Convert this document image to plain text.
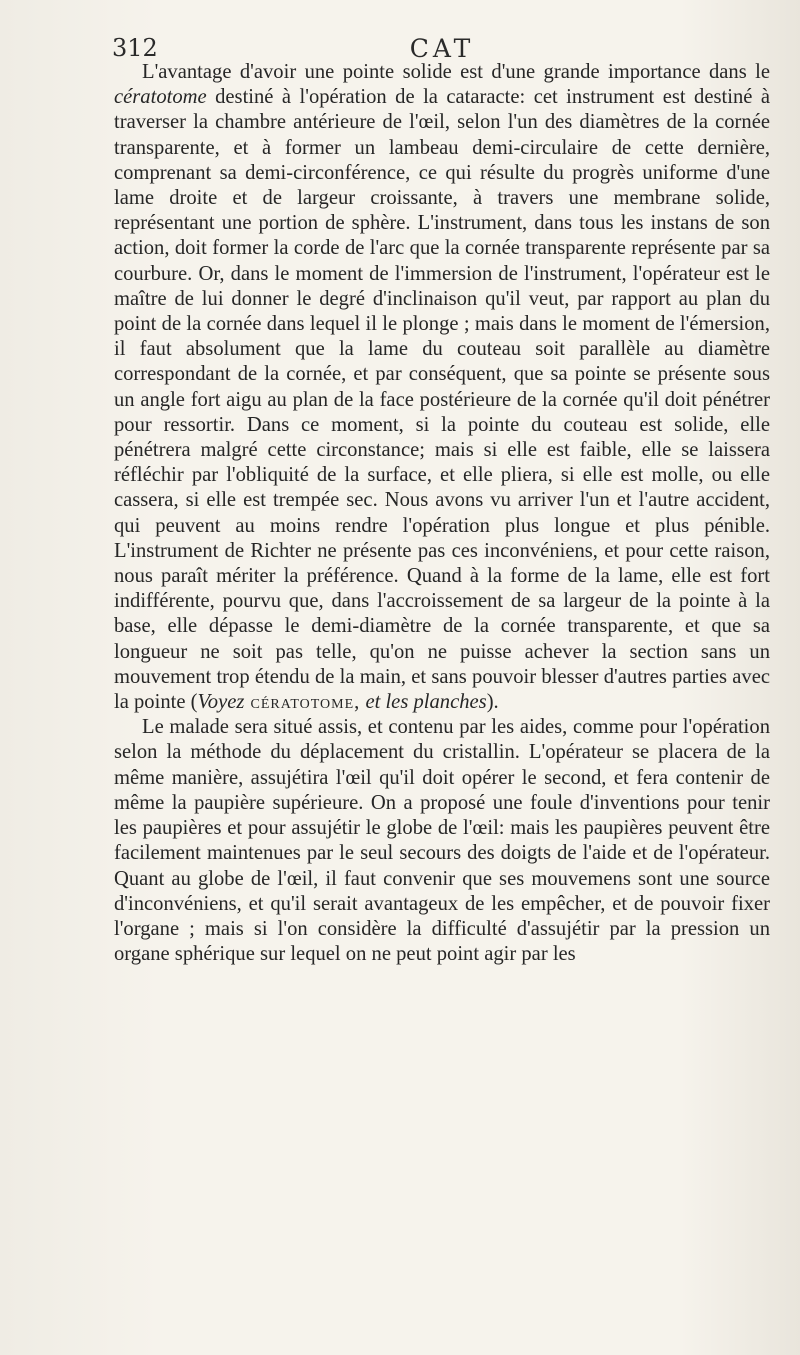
312	CAT

L'avantage d'avoir une pointe solide est d'une grande importance dans le cératotome destiné à l'opération de la cataracte: cet instrument est destiné à traverser la chambre antérieure de l'œil, selon l'un des diamètres de la cornée transparente, et à former un lambeau demi-circulaire de cette dernière, comprenant sa demi-circonférence, ce qui résulte du progrès uniforme d'une lame droite et de largeur croissante, à travers une membrane solide, représentant une portion de sphère. L'instrument, dans tous les instans de son action, doit former la corde de l'arc que la cornée transparente représente par sa courbure. Or, dans le moment de l'immersion de l'instrument, l'opérateur est le maître de lui donner le degré d'inclinaison qu'il veut, par rapport au plan du point de la cornée dans lequel il le plonge ; mais dans le moment de l'émersion, il faut absolument que la lame du couteau soit parallèle au diamètre correspondant de la cornée, et par conséquent, que sa pointe se présente sous un angle fort aigu au plan de la face postérieure de la cornée qu'il doit pénétrer pour ressortir. Dans ce moment, si la pointe du couteau est solide, elle pénétrera malgré cette circonstance; mais si elle est faible, elle se laissera réfléchir par l'obliquité de la surface, et elle pliera, si elle est molle, ou elle cassera, si elle est trempée sec. Nous avons vu arriver l'un et l'autre accident, qui peuvent au moins rendre l'opération plus longue et plus pénible. L'instrument de Richter ne présente pas ces inconvéniens, et pour cette raison, nous paraît mériter la préférence. Quand à la forme de la lame, elle est fort indifférente, pourvu que, dans l'accroissement de sa largeur de la pointe à la base, elle dépasse le demi-diamètre de la cornée transparente, et que sa longueur ne soit pas telle, qu'on ne puisse achever la section sans un mouvement trop étendu de la main, et sans pouvoir blesser d'autres parties avec la pointe (Voyez cératotome, et les planches).

Le malade sera situé assis, et contenu par les aides, comme pour l'opération selon la méthode du déplacement du cristallin. L'opérateur se placera de la même manière, assujétira l'œil qu'il doit opérer le second, et fera contenir de même la paupière supérieure. On a proposé une foule d'inventions pour tenir les paupières et pour assujétir le globe de l'œil: mais les paupières peuvent être facilement maintenues par le seul secours des doigts de l'aide et de l'opérateur. Quant au globe de l'œil, il faut convenir que ses mouvemens sont une source d'inconvéniens, et qu'il serait avantageux de les empêcher, et de pouvoir fixer l'organe ; mais si l'on considère la difficulté d'assujétir par la pression un organe sphérique sur lequel on ne peut point agir par les
